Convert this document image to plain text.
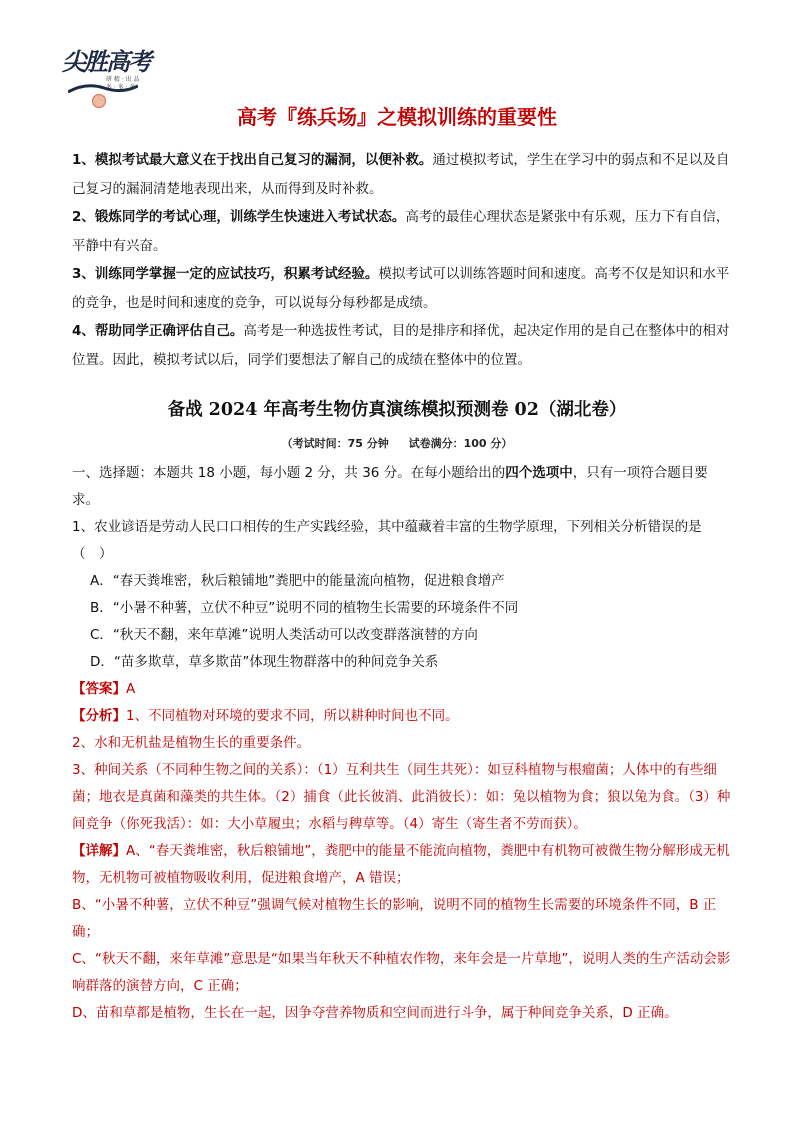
尖胜高考
研 精 · 出 品
多 · 多 · 多
高考『练兵场』之模拟训练的重要性

1、模拟考试最大意义在于找出自己复习的漏洞，以便补救。通过模拟考试，学生在学习中的弱点和不足以及自己复习的漏洞清楚地表现出来，从而得到及时补救。

2、锻炼同学的考试心理，训练学生快速进入考试状态。高考的最佳心理状态是紧张中有乐观，压力下有自信，平静中有兴奋。

3、训练同学掌握一定的应试技巧，积累考试经验。模拟考试可以训练答题时间和速度。高考不仅是知识和水平的竞争，也是时间和速度的竞争，可以说每分每秒都是成绩。

4、帮助同学正确评估自己。高考是一种选拔性考试，目的是排序和择优，起决定作用的是自己在整体中的相对位置。因此，模拟考试以后，同学们要想法了解自己的成绩在整体中的位置。

备战 2024 年高考生物仿真演练模拟预测卷 02（湖北卷）
（考试时间：75 分钟 试卷满分：100 分）

一、选择题：本题共 18 小题，每小题 2 分，共 36 分。在每小题给出的四个选项中，只有一项符合题目要求。

1、农业谚语是劳动人民口口相传的生产实践经验，其中蕴藏着丰富的生物学原理，下列相关分析错误的是（　）

A．“春天粪堆密，秋后粮铺地”粪肥中的能量流向植物，促进粮食增产

B．“小暑不种薯，立伏不种豆”说明不同的植物生长需要的环境条件不同

C．“秋天不翻，来年草滩”说明人类活动可以改变群落演替的方向

D．“苗多欺草，草多欺苗”体现生物群落中的种间竞争关系

【答案】A

【分析】1、不同植物对环境的要求不同，所以耕种时间也不同。

2、水和无机盐是植物生长的重要条件。

3、种间关系（不同种生物之间的关系）：（1）互利共生（同生共死）：如豆科植物与根瘤菌；人体中的有些细菌；地衣是真菌和藻类的共生体。（2）捕食（此长彼消、此消彼长）：如：兔以植物为食；狼以兔为食。（3）种间竞争（你死我活）：如：大小草履虫；水稻与稗草等。（4）寄生（寄生者不劳而获）。

【详解】A、“春天粪堆密，秋后粮铺地”，粪肥中的能量不能流向植物，粪肥中有机物可被微生物分解形成无机物，无机物可被植物吸收利用，促进粮食增产，A 错误；

B、“小暑不种薯，立伏不种豆”强调气候对植物生长的影响，说明不同的植物生长需要的环境条件不同，B 正确；

C、“秋天不翻，来年草滩”意思是“如果当年秋天不种植农作物，来年会是一片草地”，说明人类的生产活动会影响群落的演替方向，C 正确；

D、苗和草都是植物，生长在一起，因争夺营养物质和空间而进行斗争，属于种间竞争关系，D 正确。
